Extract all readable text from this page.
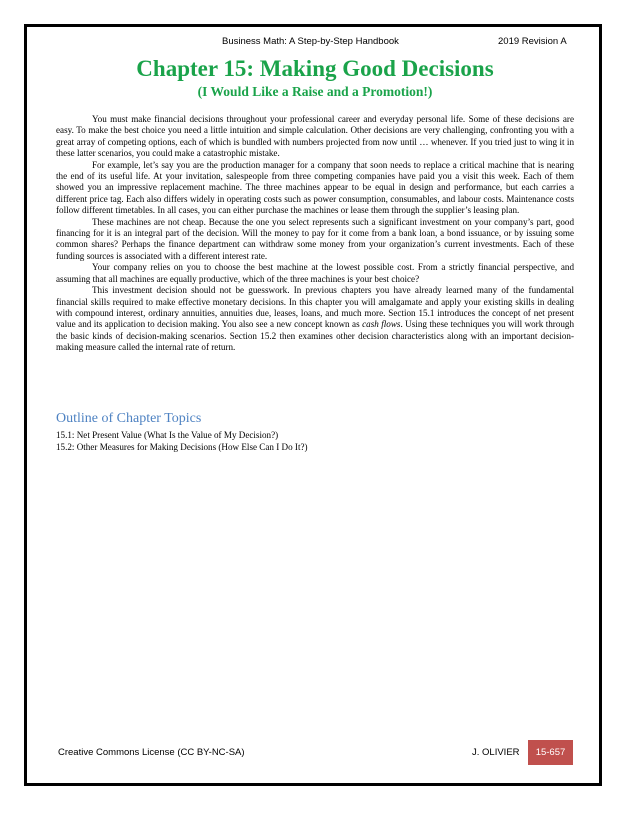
Business Math: A Step-by-Step Handbook	2019 Revision A
Chapter 15: Making Good Decisions
(I Would Like a Raise and a Promotion!)

You must make financial decisions throughout your professional career and everyday personal life. Some of these decisions are easy. To make the best choice you need a little intuition and simple calculation. Other decisions are very challenging, confronting you with a great array of competing options, each of which is bundled with numbers projected from now until … whenever. If you tried just to wing it in these latter scenarios, you could make a catastrophic mistake.

For example, let’s say you are the production manager for a company that soon needs to replace a critical machine that is nearing the end of its useful life. At your invitation, salespeople from three competing companies have paid you a visit this week. Each of them showed you an impressive replacement machine. The three machines appear to be equal in design and performance, but each carries a different price tag. Each also differs widely in operating costs such as power consumption, consumables, and labour costs. Maintenance costs follow different timetables. In all cases, you can either purchase the machines or lease them through the supplier’s leasing plan.

These machines are not cheap. Because the one you select represents such a significant investment on your company’s part, good financing for it is an integral part of the decision. Will the money to pay for it come from a bank loan, a bond issuance, or by issuing some common shares? Perhaps the finance department can withdraw some money from your organization’s current investments. Each of these funding sources is associated with a different interest rate.

Your company relies on you to choose the best machine at the lowest possible cost. From a strictly financial perspective, and assuming that all machines are equally productive, which of the three machines is your best choice?

This investment decision should not be guesswork. In previous chapters you have already learned many of the fundamental financial skills required to make effective monetary decisions. In this chapter you will amalgamate and apply your existing skills in dealing with compound interest, ordinary annuities, annuities due, leases, loans, and much more. Section 15.1 introduces the concept of net present value and its application to decision making. You also see a new concept known as cash flows. Using these techniques you will work through the basic kinds of decision-making scenarios. Section 15.2 then examines other decision characteristics along with an important decision-making measure called the internal rate of return.

Outline of Chapter Topics
15.1: Net Present Value (What Is the Value of My Decision?)
15.2: Other Measures for Making Decisions (How Else Can I Do It?)
Creative Commons License (CC BY-NC-SA)	J. OLIVIER	15-657
